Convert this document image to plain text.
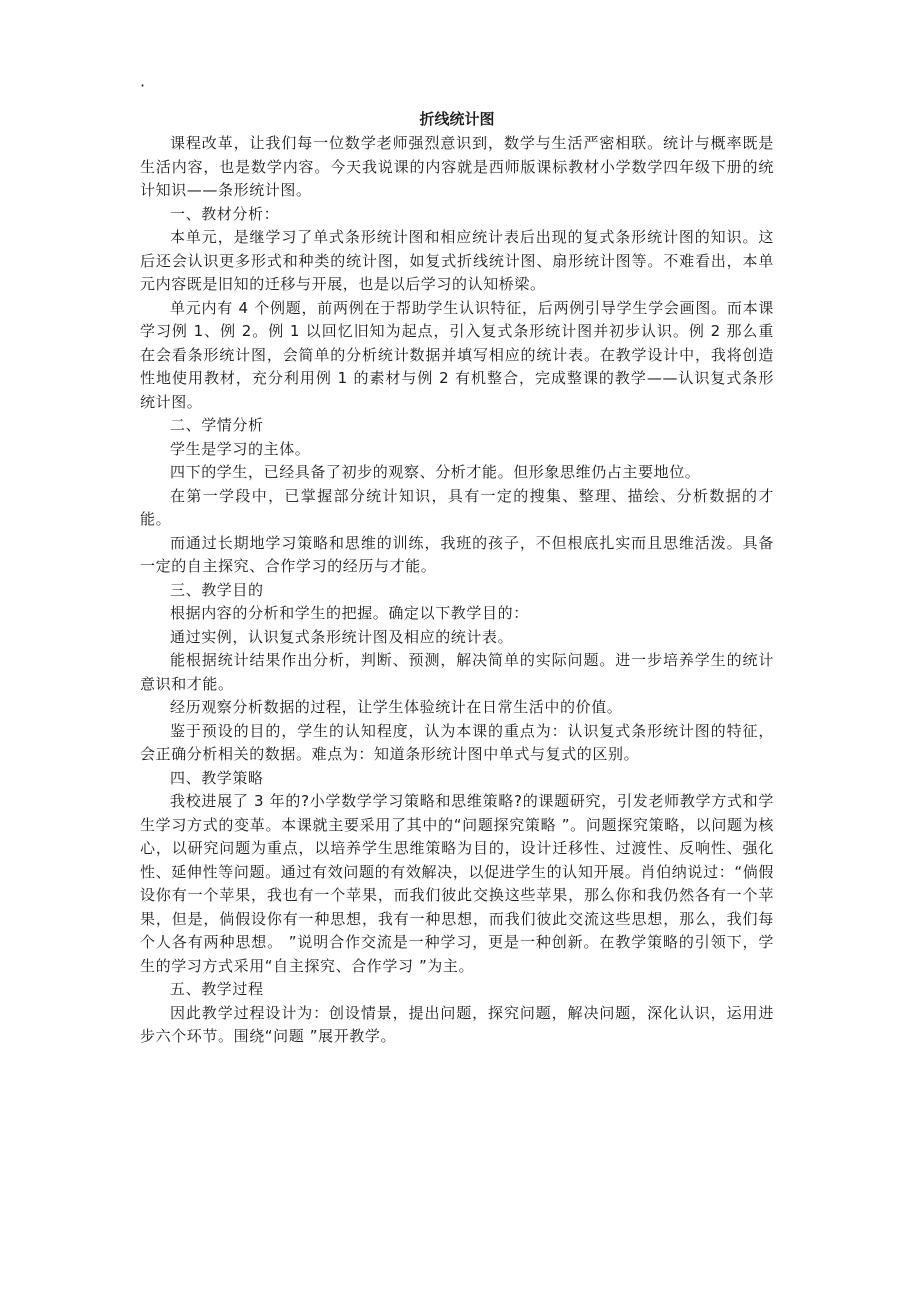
·
折线统计图
课程改革，让我们每一位数学老师强烈意识到，数学与生活严密相联。统计与概率既是生活内容，也是数学内容。今天我说课的内容就是西师版课标教材小学数学四年级下册的统计知识——条形统计图。
一、教材分析：
本单元，是继学习了单式条形统计图和相应统计表后出现的复式条形统计图的知识。这后还会认识更多形式和种类的统计图，如复式折线统计图、扇形统计图等。不难看出，本单元内容既是旧知的迁移与开展，也是以后学习的认知桥梁。
单元内有 4 个例题，前两例在于帮助学生认识特征，后两例引导学生学会画图。而本课学习例 1、例 2。例 1 以回忆旧知为起点，引入复式条形统计图并初步认识。例 2 那么重在会看条形统计图，会简单的分析统计数据并填写相应的统计表。在教学设计中，我将创造性地使用教材，充分利用例 1 的素材与例 2 有机整合，完成整课的教学——认识复式条形统计图。
二、学情分析
学生是学习的主体。
四下的学生，已经具备了初步的观察、分析才能。但形象思维仍占主要地位。
在第一学段中，已掌握部分统计知识，具有一定的搜集、整理、描绘、分析数据的才能。
而通过长期地学习策略和思维的训练，我班的孩子，不但根底扎实而且思维活泼。具备一定的自主探究、合作学习的经历与才能。
三、教学目的
根据内容的分析和学生的把握。确定以下教学目的：
通过实例，认识复式条形统计图及相应的统计表。
能根据统计结果作出分析，判断、预测，解决简单的实际问题。进一步培养学生的统计意识和才能。
经历观察分析数据的过程，让学生体验统计在日常生活中的价值。
鉴于预设的目的，学生的认知程度，认为本课的重点为：认识复式条形统计图的特征，会正确分析相关的数据。难点为：知道条形统计图中单式与复式的区别。
四、教学策略
我校进展了 3 年的?小学数学学习策略和思维策略?的课题研究，引发老师教学方式和学生学习方式的变革。本课就主要采用了其中的“问题探究策略 ”。问题探究策略，以问题为核心，以研究问题为重点，以培养学生思维策略为目的，设计迁移性、过渡性、反响性、强化性、延伸性等问题。通过有效问题的有效解决，以促进学生的认知开展。肖伯纳说过：“倘假设你有一个苹果，我也有一个苹果，而我们彼此交换这些苹果，那么你和我仍然各有一个苹果，但是，倘假设你有一种思想，我有一种思想，而我们彼此交流这些思想，那么，我们每个人各有两种思想。 ”说明合作交流是一种学习，更是一种创新。在教学策略的引领下，学生的学习方式采用“自主探究、合作学习 ”为主。
五、教学过程
因此教学过程设计为：创设情景，提出问题，探究问题，解决问题，深化认识，运用进步六个环节。围绕“问题 ”展开教学。
